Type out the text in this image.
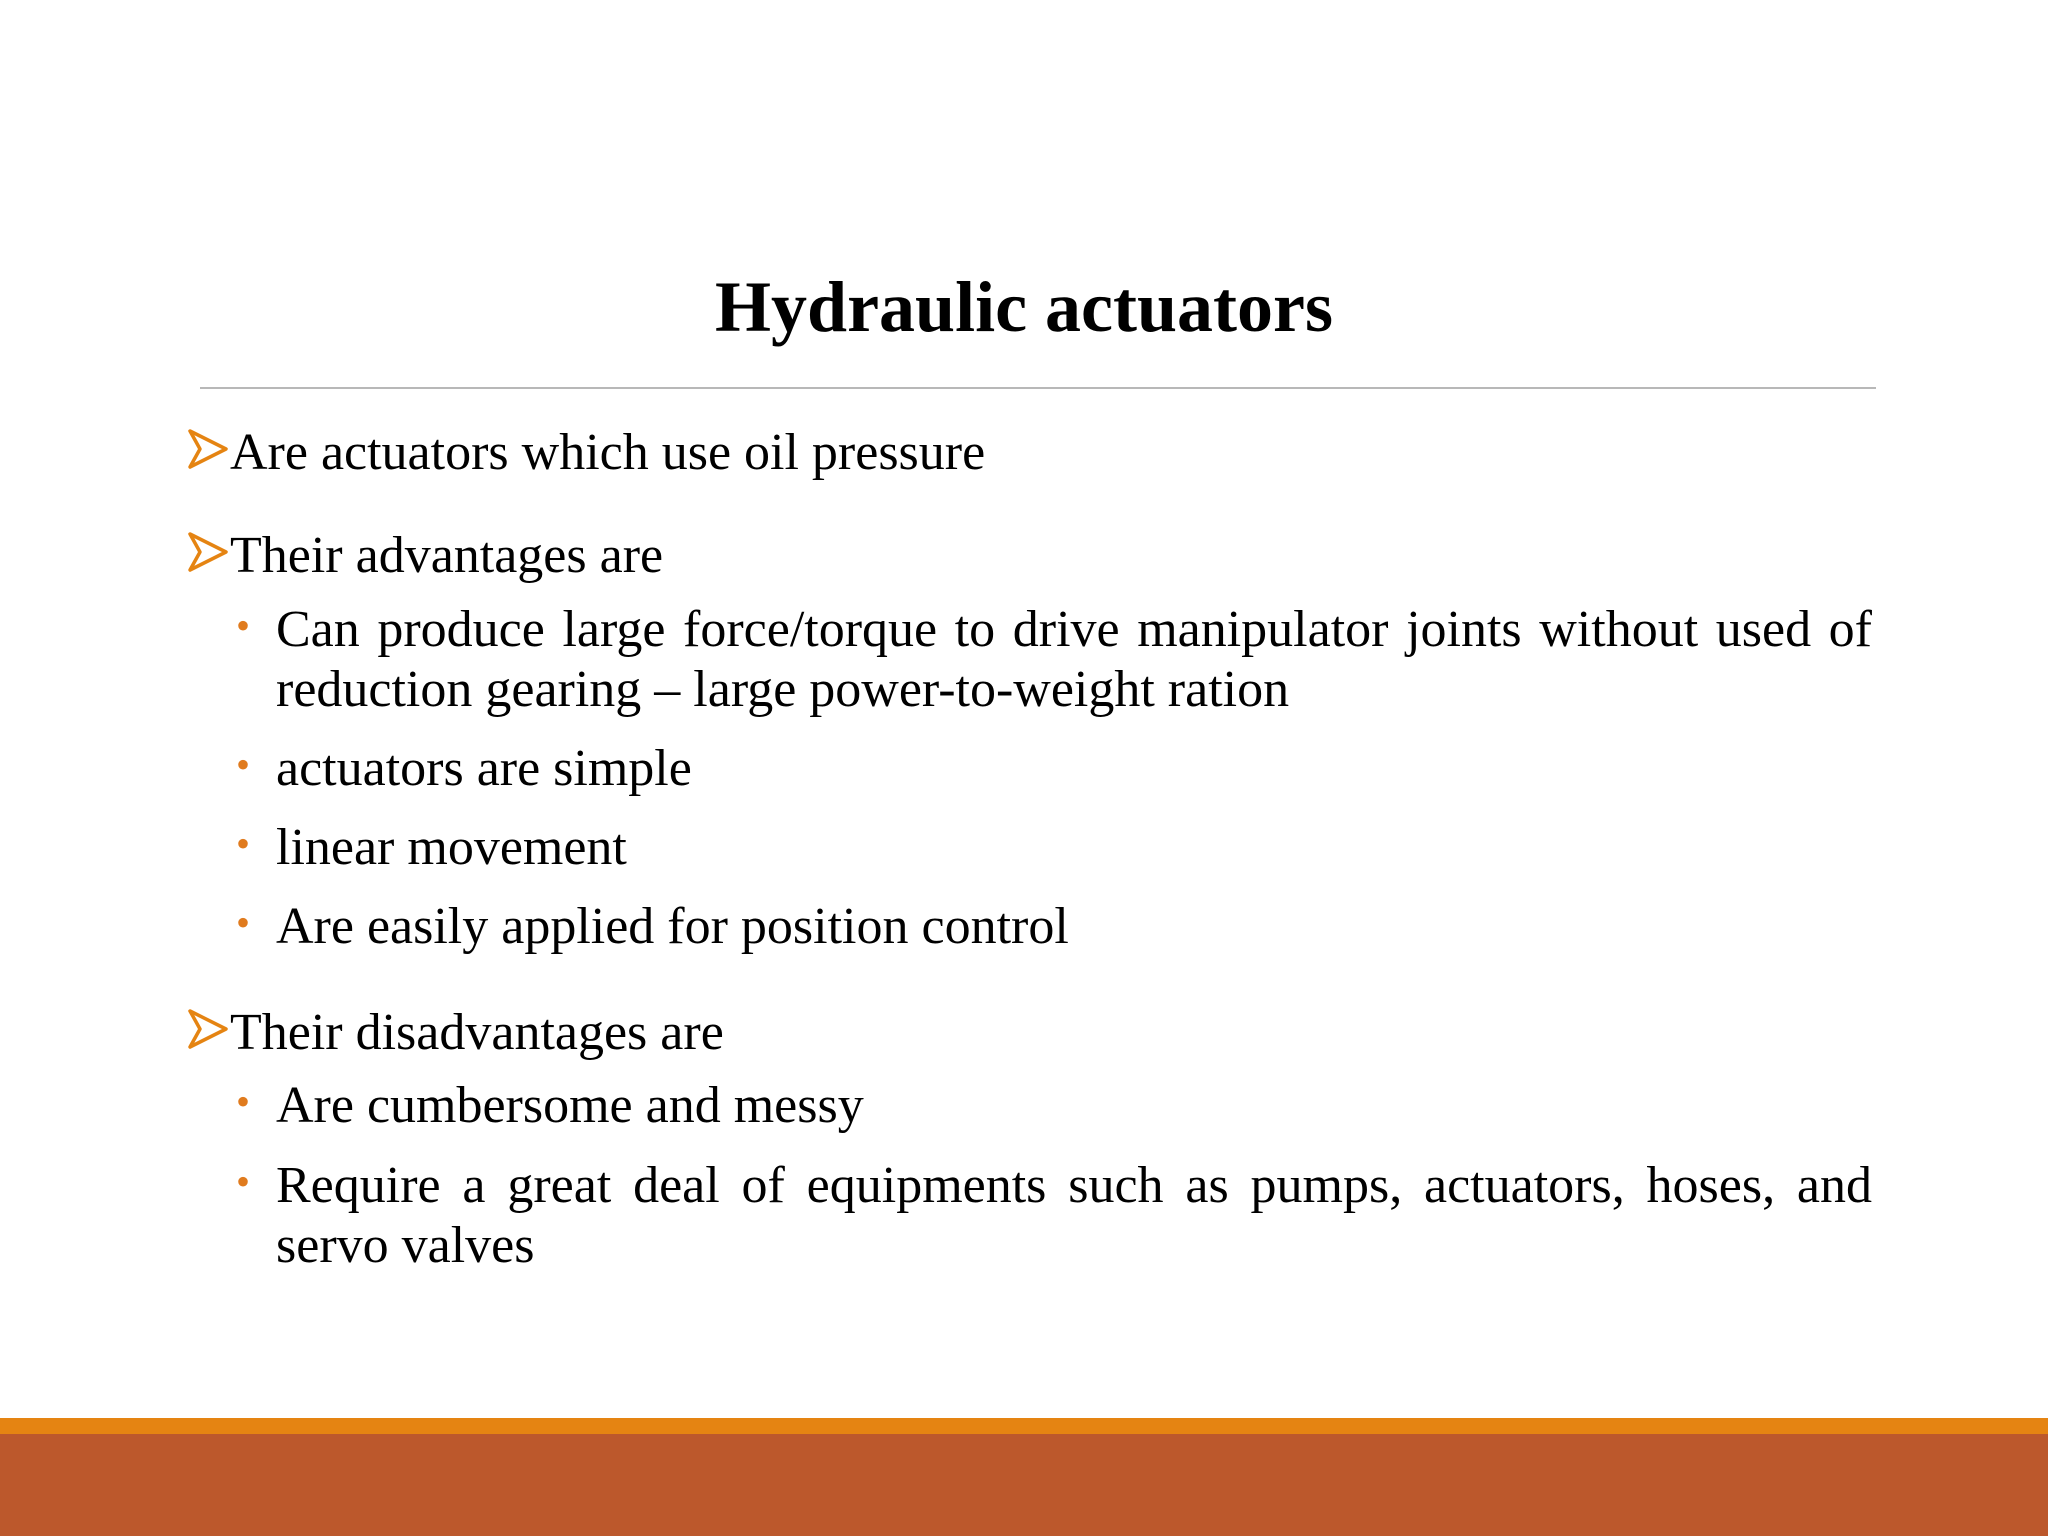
Hydraulic actuators
Are actuators which use oil pressure
Their advantages are
• Can produce large force/torque to drive manipulator joints without used of reduction gearing – large power-to-weight ration
• actuators are simple
• linear movement
• Are easily applied for position control
Their disadvantages are
• Are cumbersome and messy
• Require a great deal of equipments such as pumps, actuators, hoses, and servo valves
